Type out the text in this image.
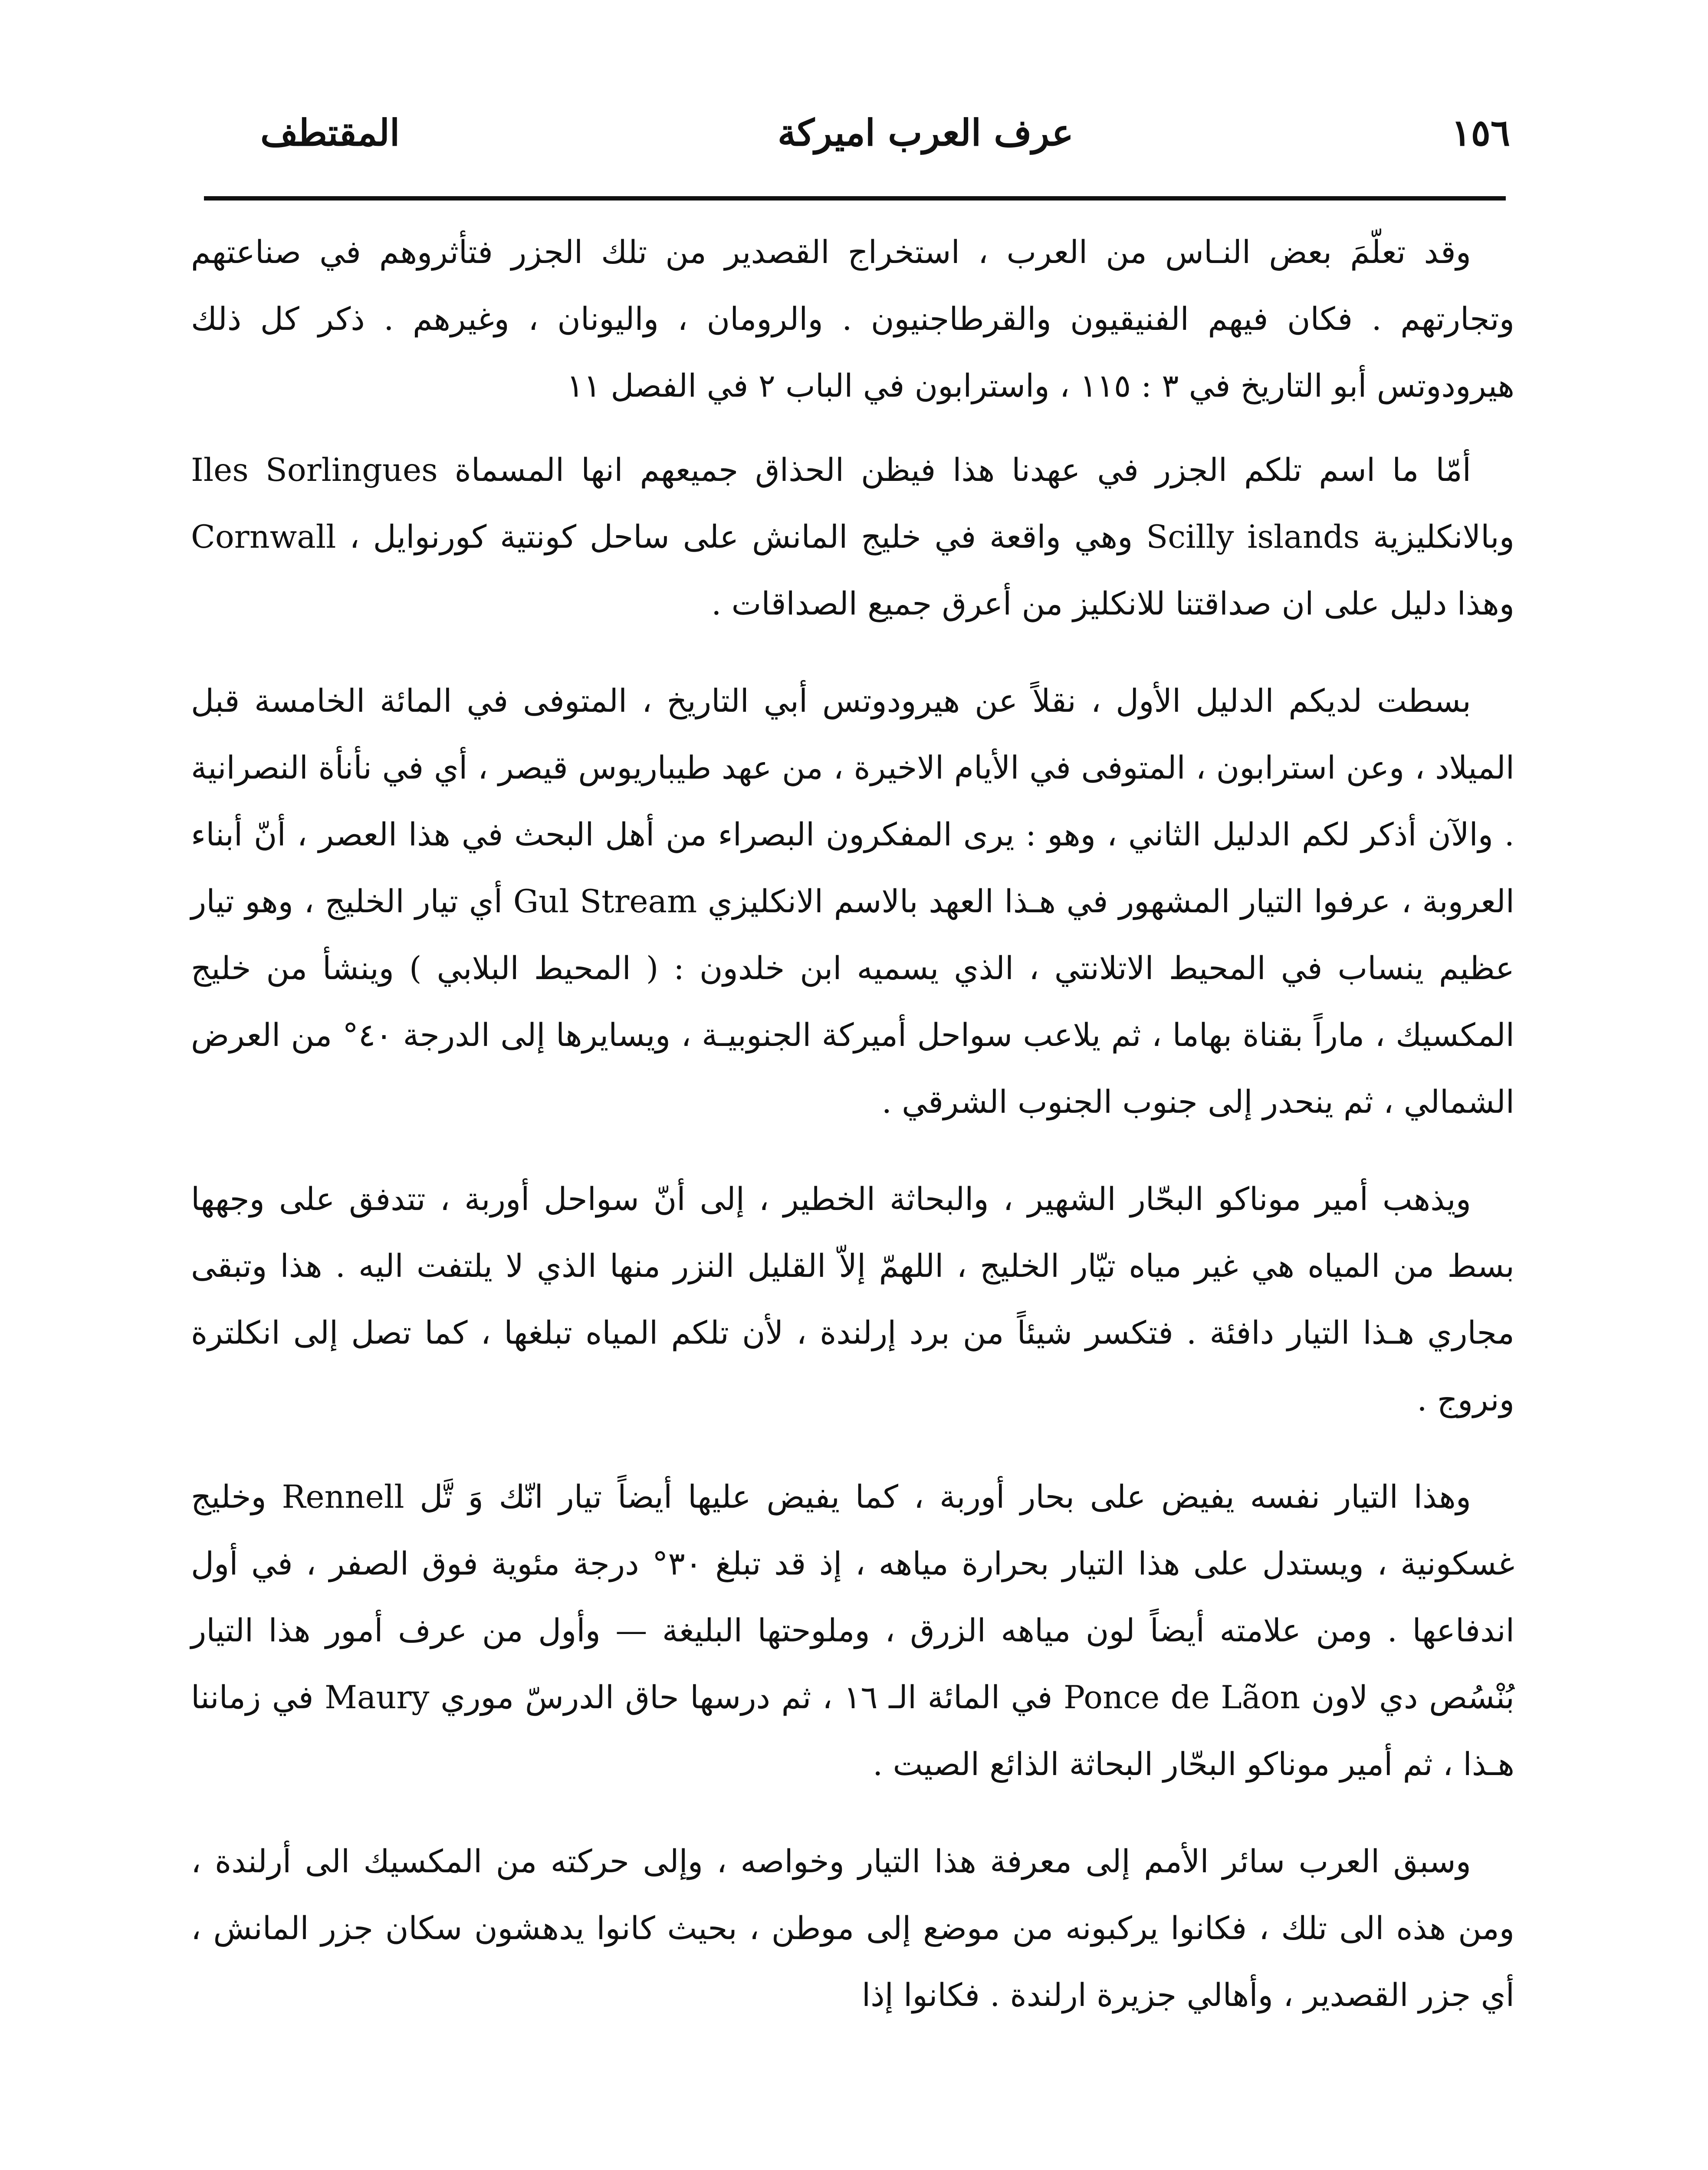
١٥٦
عرف العرب اميركة
المقتطف

وقد تعلّمَ بعض النـاس من العرب ، استخراج القصدير من تلك الجزر فتأثروهم في صناعتهم وتجارتهم . فكان فيهم الفنيقيون والقرطاجنيون . والرومان ، واليونان ، وغيرهم . ذكر كل ذلك هيرودوتس أبو التاريخ في ٣ : ١١٥ ، واسترابون في الباب ٢ في الفصل ١١

أمّا ما اسم تلكم الجزر في عهدنا هذا فيظن الحذاق جميعهم انها المسماة Iles Sorlingues وبالانكليزية Scilly islands وهي واقعة في خليج المانش على ساحل كونتية كورنوايل ، Cornwall وهذا دليل على ان صداقتنا للانكليز من أعرق جميع الصداقات .

بسطت لديكم الدليل الأول ، نقلاً عن هيرودوتس أبي التاريخ ، المتوفى في المائة الخامسة قبل الميلاد ، وعن استرابون ، المتوفى في الأيام الاخيرة ، من عهد طيباريوس قيصر ، أي في نأنأة النصرانية . والآن أذكر لكم الدليل الثاني ، وهو : يرى المفكرون البصراء من أهل البحث في هذا العصر ، أنّ أبناء العروبة ، عرفوا التيار المشهور في هـذا العهد بالاسم الانكليزي Gul Stream أي تيار الخليج ، وهو تيار عظيم ينساب في المحيط الاتلانتي ، الذي يسميه ابن خلدون : ( المحيط البلابي ) وينشأ من خليج المكسيك ، ماراً بقناة بهاما ، ثم يلاعب سواحل أميركة الجنوبيـة ، ويسايرها إلى الدرجة ٤٠° من العرض الشمالي ، ثم ينحدر إلى جنوب الجنوب الشرقي .

ويذهب أمير موناكو البحّار الشهير ، والبحاثة الخطير ، إلى أنّ سواحل أوربة ، تتدفق على وجهها بسط من المياه هي غير مياه تيّار الخليج ، اللهمّ إلاّ القليل النزر منها الذي لا يلتفت اليه . هذا وتبقى مجاري هـذا التيار دافئة . فتكسر شيئاً من برد إرلندة ، لأن تلكم المياه تبلغها ، كما تصل إلى انكلترة ونروج .

وهذا التيار نفسه يفيض على بحار أوربة ، كما يفيض عليها أيضاً تيار انّك وَ تَّل Rennell وخليج غسكونية ، ويستدل على هذا التيار بحرارة مياهه ، إذ قد تبلغ ٣٠° درجة مئوية فوق الصفر ، في أول اندفاعها . ومن علامته أيضاً لون مياهه الزرق ، وملوحتها البليغة — وأول من عرف أمور هذا التيار بُنْسُص دي لاون Ponce de Lãon في المائة الـ ١٦ ، ثم درسها حاق الدرسّ موري Maury في زماننا هـذا ، ثم أمير موناكو البحّار البحاثة الذائع الصيت .

وسبق العرب سائر الأمم إلى معرفة هذا التيار وخواصه ، وإلى حركته من المكسيك الى أرلندة ، ومن هذه الى تلك ، فكانوا يركبونه من موضع إلى موطن ، بحيث كانوا يدهشون سكان جزر المانش ، أي جزر القصدير ، وأهالي جزيرة ارلندة . فكانوا إذا
